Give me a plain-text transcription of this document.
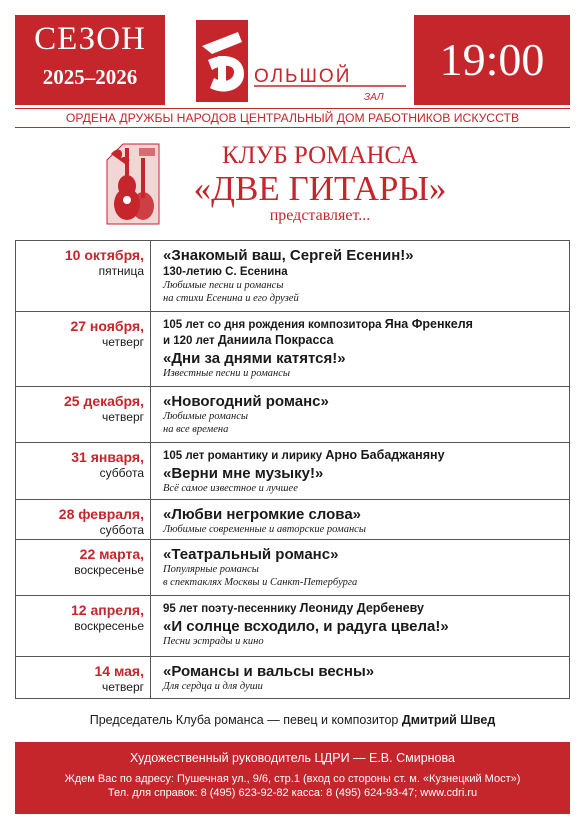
СЕЗОН
2025–2026	ОЛЬШОЙ
ЗАЛ
19:00
ОРДЕНА ДРУЖБЫ НАРОДОВ ЦЕНТРАЛЬНЫЙ ДОМ РАБОТНИКОВ ИСКУССТВ
КЛУБ РОМАНСА
«ДВЕ ГИТАРЫ»
представляет...
10 октября,
пятница
«Знакомый ваш, Сергей Есенин!»
130-летию С. Есенина
Любимые песни и романсы
на стихи Есенина и его друзей
27 ноября,
четверг
105 лет со дня рождения композитора Яна Френкеля
и 120 лет Даниила Покрасса
«Дни за днями катятся!»
Известные песни и романсы
25 декабря,
четверг
«Новогодний романс»
Любимые романсы
на все времена
31 января,
суббота
105 лет романтику и лирику Арно Бабаджаняну
«Верни мне музыку!»
Всё самое известное и лучшее
28 февраля,
суббота
«Любви негромкие слова»
Любимые современные и авторские романсы
22 марта,
воскресенье
«Театральный романс»
Популярные романсы
в спектаклях Москвы и Санкт-Петербурга
12 апреля,
воскресенье
95 лет поэту-песеннику Леониду Дербеневу
«И солнце всходило, и радуга цвела!»
Песни эстрады и кино
14 мая,
четверг
«Романсы и вальсы весны»
Для сердца и для души
Председатель Клуба романса — певец и композитор Дмитрий Швед
Художественный руководитель ЦДРИ — Е.В. Смирнова
Ждем Вас по адресу: Пушечная ул., 9/6, стр.1 (вход со стороны ст. м. «Кузнецкий Мост»)
Тел. для справок: 8 (495) 623-92-82 касса: 8 (495) 624-93-47; www.cdri.ru
